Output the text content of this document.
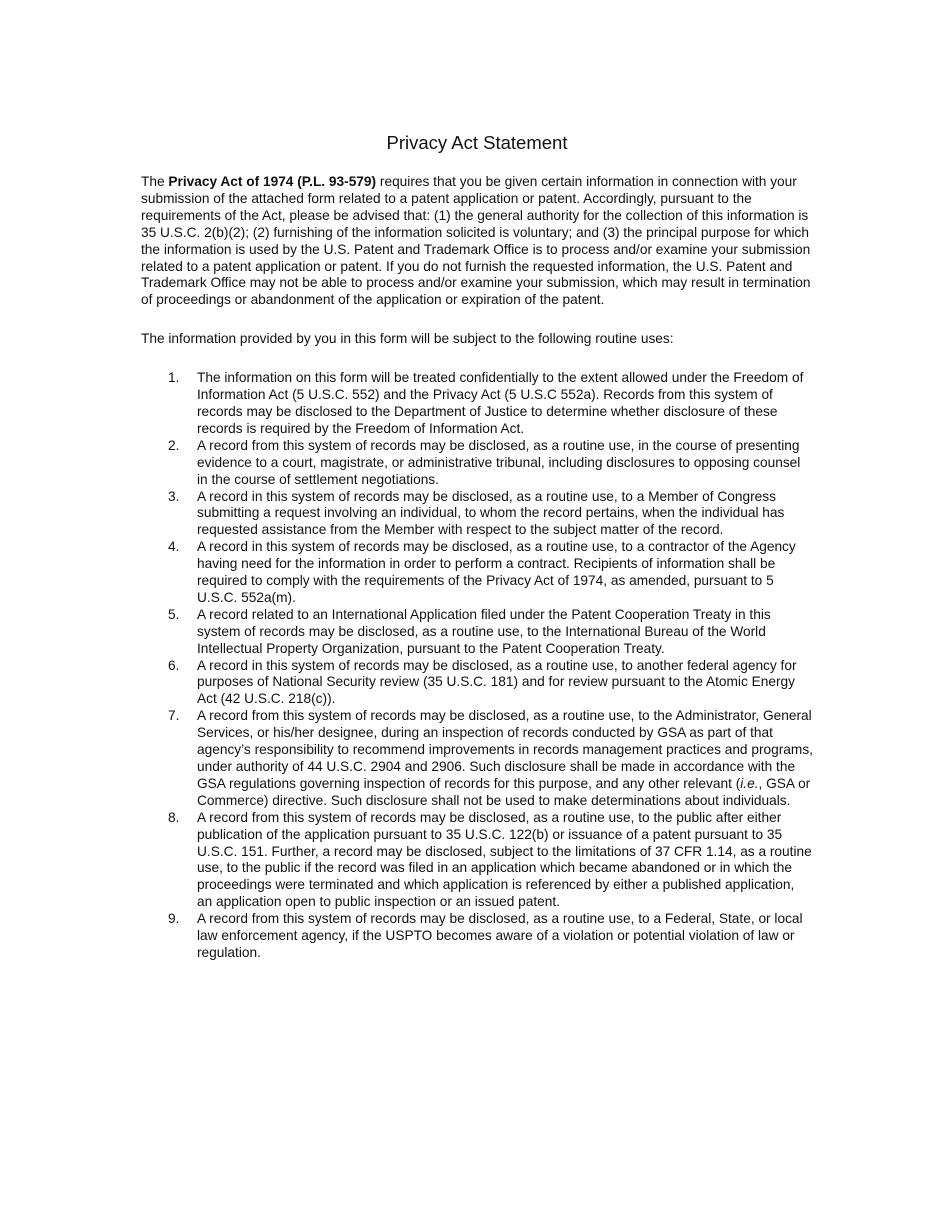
Privacy Act Statement

The Privacy Act of 1974 (P.L. 93-579) requires that you be given certain information in connection with your submission of the attached form related to a patent application or patent. Accordingly, pursuant to the requirements of the Act, please be advised that: (1) the general authority for the collection of this information is 35 U.S.C. 2(b)(2); (2) furnishing of the information solicited is voluntary; and (3) the principal purpose for which the information is used by the U.S. Patent and Trademark Office is to process and/or examine your submission related to a patent application or patent. If you do not furnish the requested information, the U.S. Patent and Trademark Office may not be able to process and/or examine your submission, which may result in termination of proceedings or abandonment of the application or expiration of the patent.

The information provided by you in this form will be subject to the following routine uses:

1. The information on this form will be treated confidentially to the extent allowed under the Freedom of Information Act (5 U.S.C. 552) and the Privacy Act (5 U.S.C 552a). Records from this system of records may be disclosed to the Department of Justice to determine whether disclosure of these records is required by the Freedom of Information Act.
2. A record from this system of records may be disclosed, as a routine use, in the course of presenting evidence to a court, magistrate, or administrative tribunal, including disclosures to opposing counsel in the course of settlement negotiations.
3. A record in this system of records may be disclosed, as a routine use, to a Member of Congress submitting a request involving an individual, to whom the record pertains, when the individual has requested assistance from the Member with respect to the subject matter of the record.
4. A record in this system of records may be disclosed, as a routine use, to a contractor of the Agency having need for the information in order to perform a contract. Recipients of information shall be required to comply with the requirements of the Privacy Act of 1974, as amended, pursuant to 5 U.S.C. 552a(m).
5. A record related to an International Application filed under the Patent Cooperation Treaty in this system of records may be disclosed, as a routine use, to the International Bureau of the World Intellectual Property Organization, pursuant to the Patent Cooperation Treaty.
6. A record in this system of records may be disclosed, as a routine use, to another federal agency for purposes of National Security review (35 U.S.C. 181) and for review pursuant to the Atomic Energy Act (42 U.S.C. 218(c)).
7. A record from this system of records may be disclosed, as a routine use, to the Administrator, General Services, or his/her designee, during an inspection of records conducted by GSA as part of that agency’s responsibility to recommend improvements in records management practices and programs, under authority of 44 U.S.C. 2904 and 2906. Such disclosure shall be made in accordance with the GSA regulations governing inspection of records for this purpose, and any other relevant (i.e., GSA or Commerce) directive. Such disclosure shall not be used to make determinations about individuals.
8. A record from this system of records may be disclosed, as a routine use, to the public after either publication of the application pursuant to 35 U.S.C. 122(b) or issuance of a patent pursuant to 35 U.S.C. 151. Further, a record may be disclosed, subject to the limitations of 37 CFR 1.14, as a routine use, to the public if the record was filed in an application which became abandoned or in which the proceedings were terminated and which application is referenced by either a published application, an application open to public inspection or an issued patent.
9. A record from this system of records may be disclosed, as a routine use, to a Federal, State, or local law enforcement agency, if the USPTO becomes aware of a violation or potential violation of law or regulation.
